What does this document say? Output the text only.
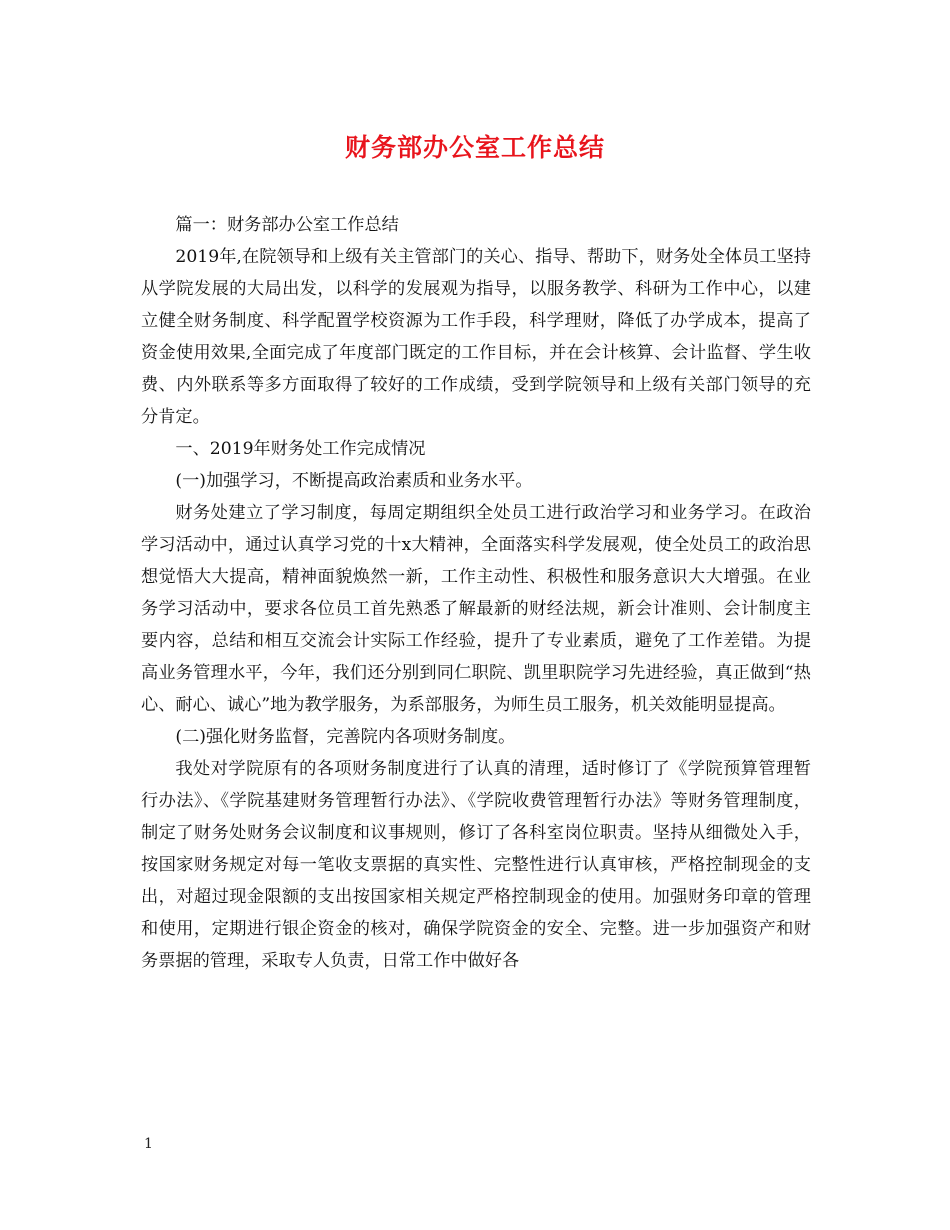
财务部办公室工作总结

篇一：财务部办公室工作总结

2019年,在院领导和上级有关主管部门的关心、指导、帮助下，财务处全体员工坚持从学院发展的大局出发，以科学的发展观为指导，以服务教学、科研为工作中心，以建立健全财务制度、科学配置学校资源为工作手段，科学理财，降低了办学成本，提高了资金使用效果,全面完成了年度部门既定的工作目标，并在会计核算、会计监督、学生收费、内外联系等多方面取得了较好的工作成绩，受到学院领导和上级有关部门领导的充分肯定。

一、2019年财务处工作完成情况

(一)加强学习，不断提高政治素质和业务水平。

财务处建立了学习制度，每周定期组织全处员工进行政治学习和业务学习。在政治学习活动中，通过认真学习党的十x大精神，全面落实科学发展观，使全处员工的政治思想觉悟大大提高，精神面貌焕然一新，工作主动性、积极性和服务意识大大增强。在业务学习活动中，要求各位员工首先熟悉了解最新的财经法规，新会计准则、会计制度主要内容，总结和相互交流会计实际工作经验，提升了专业素质，避免了工作差错。为提高业务管理水平，今年，我们还分别到同仁职院、凯里职院学习先进经验，真正做到“热心、耐心、诚心”地为教学服务，为系部服务，为师生员工服务，机关效能明显提高。

(二)强化财务监督，完善院内各项财务制度。

我处对学院原有的各项财务制度进行了认真的清理，适时修订了《学院预算管理暂行办法》、《学院基建财务管理暂行办法》、《学院收费管理暂行办法》等财务管理制度，制定了财务处财务会议制度和议事规则，修订了各科室岗位职责。坚持从细微处入手，按国家财务规定对每一笔收支票据的真实性、完整性进行认真审核，严格控制现金的支出，对超过现金限额的支出按国家相关规定严格控制现金的使用。加强财务印章的管理和使用，定期进行银企资金的核对，确保学院资金的安全、完整。进一步加强资产和财务票据的管理，采取专人负责，日常工作中做好各

1
